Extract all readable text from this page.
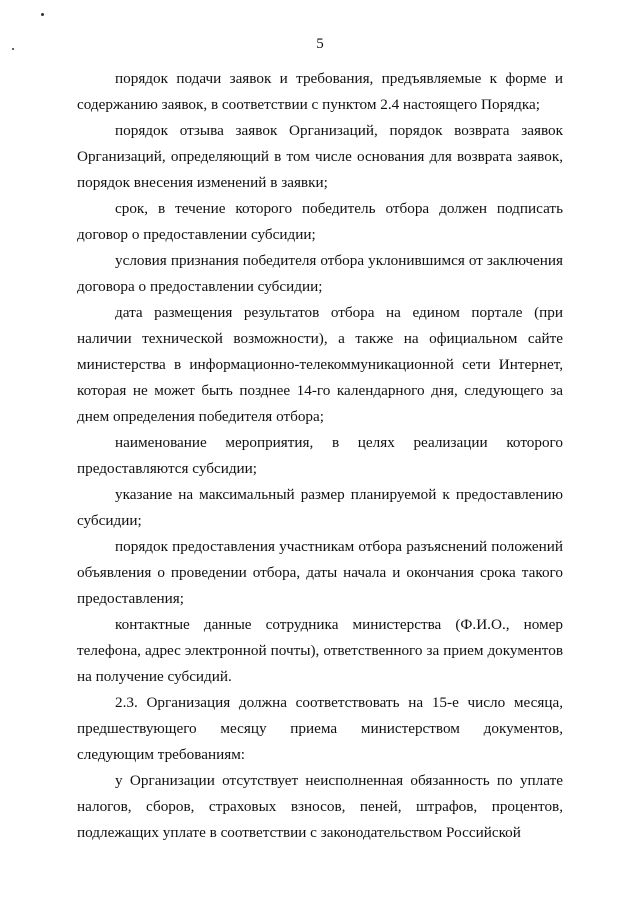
5

порядок подачи заявок и требования, предъявляемые к форме и содержанию заявок, в соответствии с пунктом 2.4 настоящего Порядка;

порядок отзыва заявок Организаций, порядок возврата заявок Организаций, определяющий в том числе основания для возврата заявок, порядок внесения изменений в заявки;

срок, в течение которого победитель отбора должен подписать договор о предоставлении субсидии;

условия признания победителя отбора уклонившимся от заключения договора о предоставлении субсидии;

дата размещения результатов отбора на едином портале (при наличии технической возможности), а также на официальном сайте министерства в информационно-телекоммуникационной сети Интернет, которая не может быть позднее 14-го календарного дня, следующего за днем определения победителя отбора;

наименование мероприятия, в целях реализации которого предоставляются субсидии;

указание на максимальный размер планируемой к предоставлению субсидии;

порядок предоставления участникам отбора разъяснений положений объявления о проведении отбора, даты начала и окончания срока такого предоставления;

контактные данные сотрудника министерства (Ф.И.О., номер телефона, адрес электронной почты), ответственного за прием документов на получение субсидий.

2.3. Организация должна соответствовать на 15-е число месяца, предшествующего месяцу приема министерством документов, следующим требованиям:

у Организации отсутствует неисполненная обязанность по уплате налогов, сборов, страховых взносов, пеней, штрафов, процентов, подлежащих уплате в соответствии с законодательством Российской
